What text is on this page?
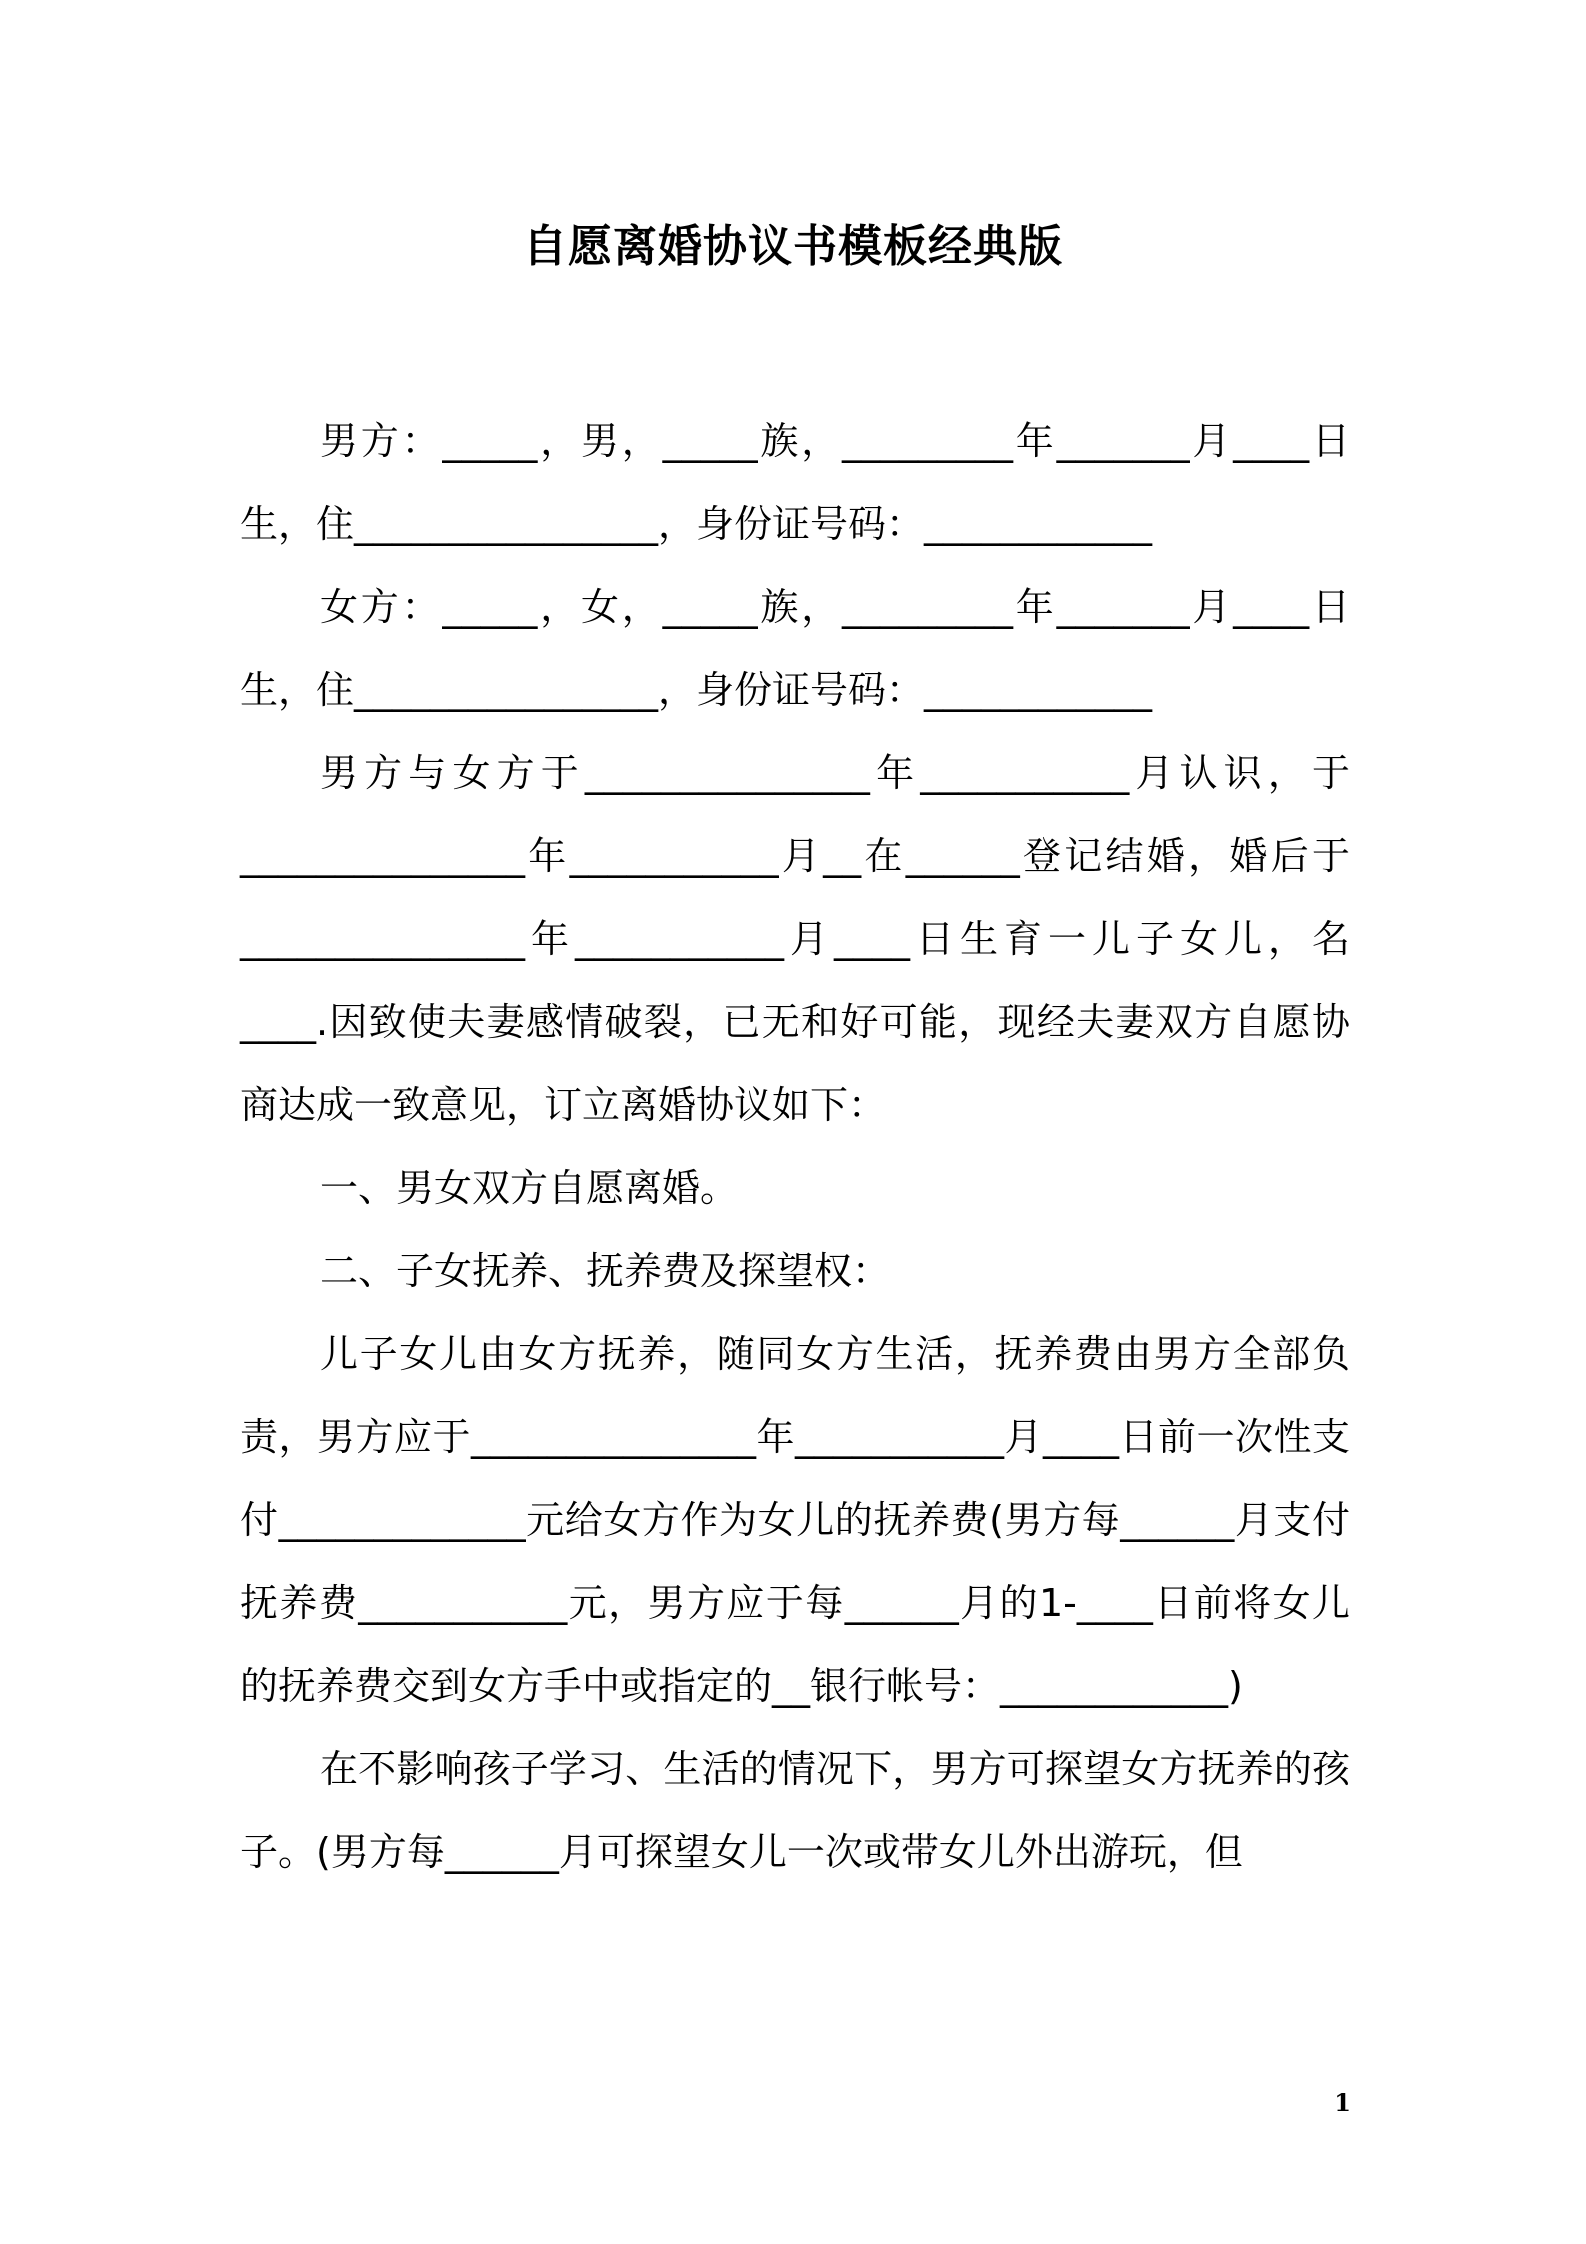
自愿离婚协议书模板经典版

男方：_____，男，_____族，_________年_______月____日生，住________________，身份证号码：____________

女方：_____，女，_____族，_________年_______月____日生，住________________，身份证号码：____________

男方与女方于_______________年___________月认识，于_______________年___________月__在______登记结婚，婚后于_______________年___________月____日生育一儿子女儿，名____.因致使夫妻感情破裂，已无和好可能，现经夫妻双方自愿协商达成一致意见，订立离婚协议如下：

一、男女双方自愿离婚。

二、子女抚养、抚养费及探望权：

儿子女儿由女方抚养，随同女方生活，抚养费由男方全部负责，男方应于_______________年___________月____日前一次性支付_____________元给女方作为女儿的抚养费(男方每______月支付抚养费___________元，男方应于每______月的1-____日前将女儿的抚养费交到女方手中或指定的__银行帐号：____________)

在不影响孩子学习、生活的情况下，男方可探望女方抚养的孩子。(男方每______月可探望女儿一次或带女儿外出游玩，但

1
